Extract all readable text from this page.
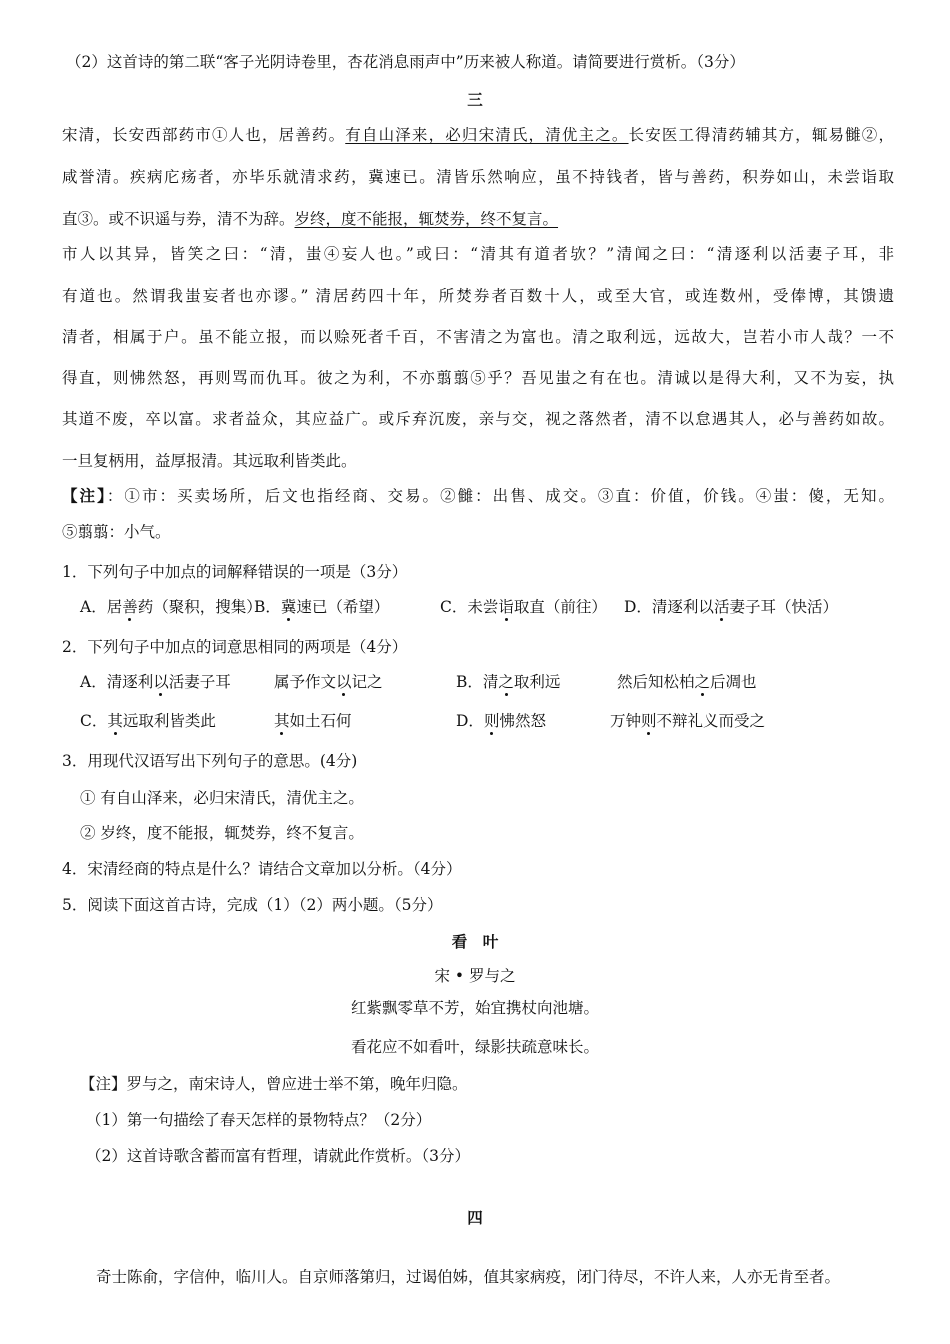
（2）这首诗的第二联“客子光阴诗卷里，杏花消息雨声中”历来被人称道。请简要进行赏析。（3分）
三
宋清，长安西部药市①人也，居善药。有自山泽来，必归宋清氏，清优主之。长安医工得清药辅其方，辄易雠②，
咸誉清。疾病庀疡者，亦毕乐就清求药，冀速已。清皆乐然响应，虽不持钱者，皆与善药，积券如山，未尝诣取
直③。或不识遥与券，清不为辞。岁终，度不能报，辄焚券，终不复言。
市人以其异，皆笑之曰：“清，蚩④妄人也。”或曰：“清其有道者欤？”清闻之曰：“清逐利以活妻子耳，非
有道也。然谓我蚩妄者也亦谬。” 清居药四十年，所焚券者百数十人，或至大官，或连数州，受俸博，其馈遗
清者，相属于户。虽不能立报，而以赊死者千百，不害清之为富也。清之取利远，远故大，岂若小市人哉？一不
得直，则怫然怒，再则骂而仇耳。彼之为利，不亦翦翦⑤乎？吾见蚩之有在也。清诚以是得大利，又不为妄，执
其道不废，卒以富。求者益众，其应益广。或斥弃沉废，亲与交，视之落然者，清不以怠遇其人，必与善药如故。
一旦复柄用，益厚报清。其远取利皆类此。
【注】：①市：买卖场所，后文也指经商、交易。②雠：出售、成交。③直：价值，价钱。④蚩：傻，无知。
⑤翦翦：小气。
1．下列句子中加点的词解释错误的一项是（3分）
A．居善药（聚积，搜集）
B．冀速已（希望）	C．未尝诣取直（前往） D．清逐利以活妻子耳（快活）
2．下列句子中加点的词意思相同的两项是（4分）
A．清逐利以活妻子耳	属予作文以记之	B．清之取利远	然后知松柏之后凋也
C．其远取利皆类此	其如土石何	D．则怫然怒	万钟则不辩礼义而受之
3．用现代汉语写出下列句子的意思。(4分)
① 有自山泽来，必归宋清氏，清优主之。
② 岁终，度不能报，辄焚券，终不复言。
4．宋清经商的特点是什么？请结合文章加以分析。（4分）
5．阅读下面这首古诗，完成（1）（2）两小题。（5分）
看　叶
宋 • 罗与之
红紫飘零草不芳，始宜携杖向池塘。
看花应不如看叶，绿影扶疏意味长。
【注】罗与之，南宋诗人，曾应进士举不第，晚年归隐。
（1）第一句描绘了春天怎样的景物特点？（2分）
（2）这首诗歌含蓄而富有哲理，请就此作赏析。（3分）
四
奇士陈俞，字信仲，临川人。自京师落第归，过谒伯姊，值其家病疫，闭门待尽，不许人来，人亦无肯至者。
